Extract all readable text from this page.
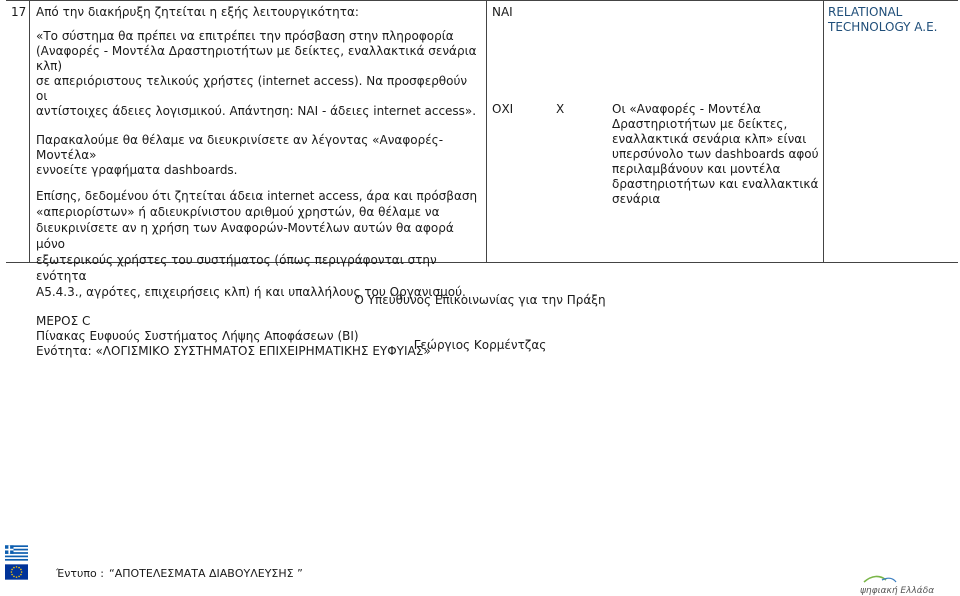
17 Από την διακήρυξη ζητείται η εξής λειτουργικότητα:

«Το σύστημα θα πρέπει να επιτρέπει την πρόσβαση στην πληροφορία

(Αναφορές ‐ Μοντέλα Δραστηριοτήτων με δείκτες, εναλλακτικά σενάρια κλπ)

σε απεριόριστους τελικούς χρήστες (internet access). Να προσφερθούν οι

αντίστοιχες άδειες λογισμικού. Απάντηση: ΝΑΙ - άδειες internet access».

Παρακαλούμε θα θέλαμε να διευκρινίσετε αν λέγοντας «Αναφορές-Μοντέλα»

εννοείτε γραφήματα dashboards.

Επίσης, δεδομένου ότι ζητείται άδεια internet access, άρα και πρόσβαση

«απεριορίστων» ή αδιευκρίνιστου αριθμού χρηστών, θα θέλαμε να

διευκρινίσετε αν η χρήση των Αναφορών-Μοντέλων αυτών θα αφορά μόνο

εξωτερικούς χρήστες του συστήματος (όπως περιγράφονται στην ενότητα

Α5.4.3., αγρότες, επιχειρήσεις κλπ) ή και υπαλλήλους του Οργανισμού.

ΜΕΡΟΣ C

Πίνακας Ευφυούς Συστήματος Λήψης Αποφάσεων (BI)

Ενότητα: «ΛΟΓΙΣΜΙΚΟ ΣΥΣΤΗΜΑΤΟΣ ΕΠΙΧΕΙΡΗΜΑΤΙΚΗΣ ΕΥΦΥΙΑΣ»

ΝΑΙ
ΟΧΙ	Χ	Οι «Αναφορές ‐ Μοντέλα

Δραστηριοτήτων με δείκτες,

εναλλακτικά σενάρια κλπ» είναι

υπερσύνολο των dashboards αφού

περιλαμβάνουν και μοντέλα

δραστηριοτήτων και εναλλακτικά

σενάρια

RELATIONAL

TECHNOLOGY A.E.

Ο Υπεύθυνος Επικοινωνίας για την Πράξη
Γεώργιος Κορμέντζας
Έντυπο : “ΑΠΟΤΕΛΕΣΜΑΤΑ ΔΙΑΒΟΥΛΕΥΣΗΣ ”
ψηφιακή Ελλάδα
